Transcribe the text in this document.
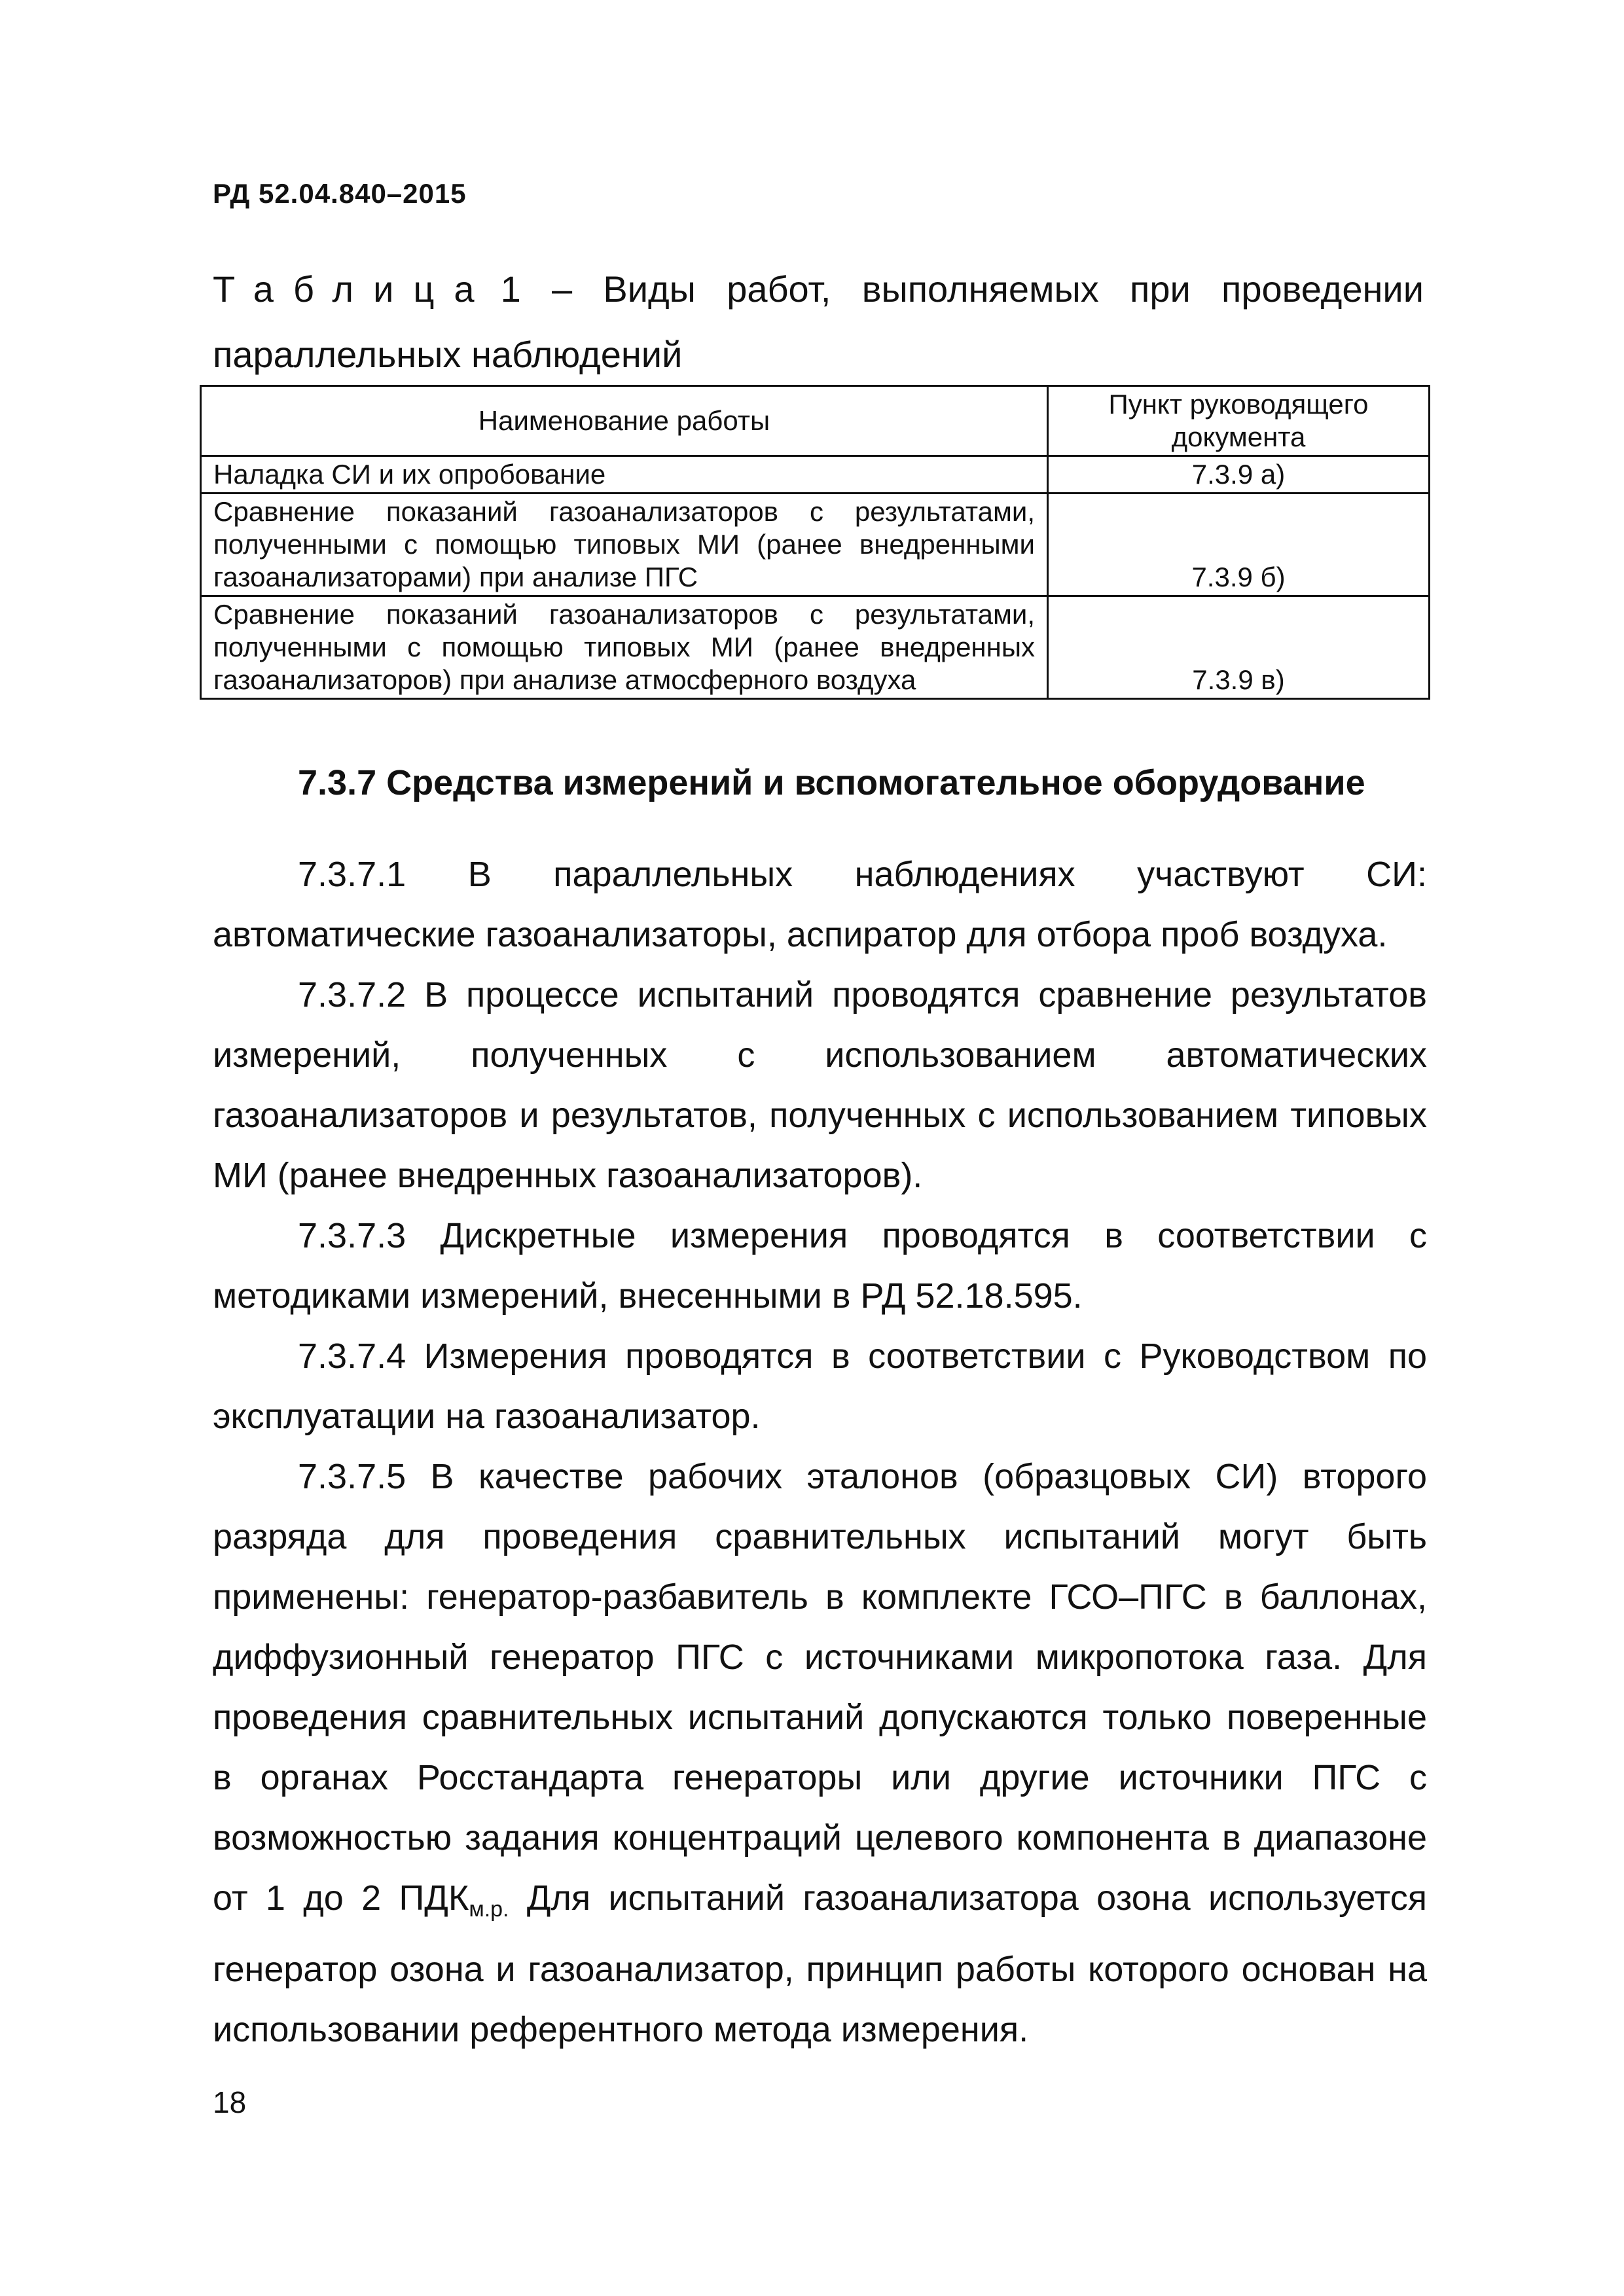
РД 52.04.840–2015
Таблица 1 – Виды работ, выполняемых при проведении
параллельных наблюдений
Наименование работы	Пункт руководящего документа
Наладка СИ и их опробование	7.3.9 а)
Сравнение показаний газоанализаторов с результатами, полученными с помощью типовых МИ (ранее внедренными газоанализаторами) при анализе ПГС	7.3.9 б)
Сравнение показаний газоанализаторов с результатами, полученными с помощью типовых МИ (ранее внедренных газоанализаторов) при анализе атмосферного воздуха	7.3.9 в)
7.3.7 Средства измерений и вспомогательное оборудование

7.3.7.1 В параллельных наблюдениях участвуют СИ: автоматические газоанализаторы, аспиратор для отбора проб воздуха.

7.3.7.2 В процессе испытаний проводятся сравнение результатов измерений, полученных с использованием автоматических газоанализаторов и результатов, полученных с использованием типовых МИ (ранее внедренных газоанализаторов).

7.3.7.3 Дискретные измерения проводятся в соответствии с методиками измерений, внесенными в РД 52.18.595.

7.3.7.4 Измерения проводятся в соответствии с Руководством по эксплуатации на газоанализатор.

7.3.7.5 В качестве рабочих эталонов (образцовых СИ) второго разряда для проведения сравнительных испытаний могут быть применены: генератор-разбавитель в комплекте ГСО–ПГС в баллонах, диффузионный генератор ПГС с источниками микропотока газа. Для проведения сравнительных испытаний допускаются только поверенные в органах Росстандарта генераторы или другие источники ПГС с возможностью задания концентраций целевого компонента в диапазоне от 1 до 2 $ПДК_{м.р.}$ Для испытаний газоанализатора озона используется генератор озона и газоанализатор, принцип работы которого основан на использовании референтного метода измерения.

18
